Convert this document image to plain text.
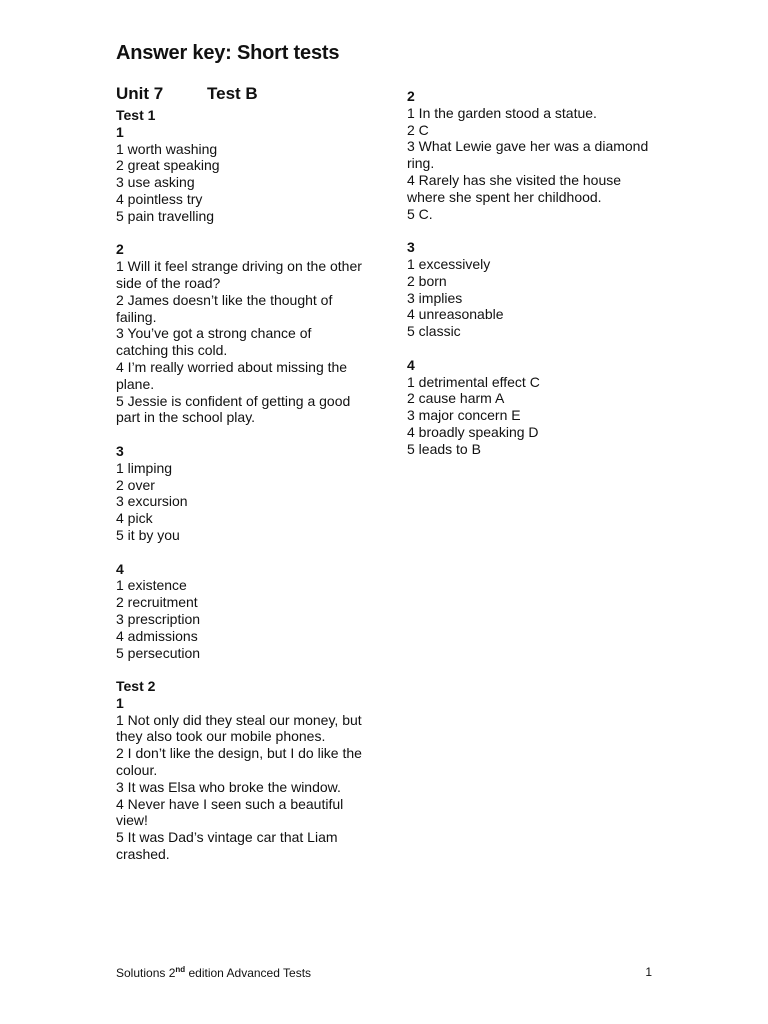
Answer key: Short tests
Unit 7	Test B
Test 1
1
1 worth washing
2 great speaking
3 use asking
4 pointless try
5 pain travelling
2
1 Will it feel strange driving on the other side of the road?
2 James doesn’t like the thought of failing.
3 You’ve got a strong chance of catching this cold.
4 I’m really worried about missing the plane.
5 Jessie is confident of getting a good part in the school play.
3
1 limping
2 over
3 excursion
4 pick
5 it by you
4
1 existence
2 recruitment
3 prescription
4 admissions
5 persecution
Test 2
1
1 Not only did they steal our money, but they also took our mobile phones.
2 I don’t like the design, but I do like the colour.
3 It was Elsa who broke the window.
4 Never have I seen such a beautiful view!
5 It was Dad’s vintage car that Liam crashed.
2
1 In the garden stood a statue.
2 C
3 What Lewie gave her was a diamond ring.
4 Rarely has she visited the house where she spent her childhood.
5 C.
3
1 excessively
2 born
3 implies
4 unreasonable
5 classic
4
1 detrimental effect C
2 cause harm A
3 major concern E
4 broadly speaking D
5 leads to B
Solutions 2nd edition Advanced Tests	1
